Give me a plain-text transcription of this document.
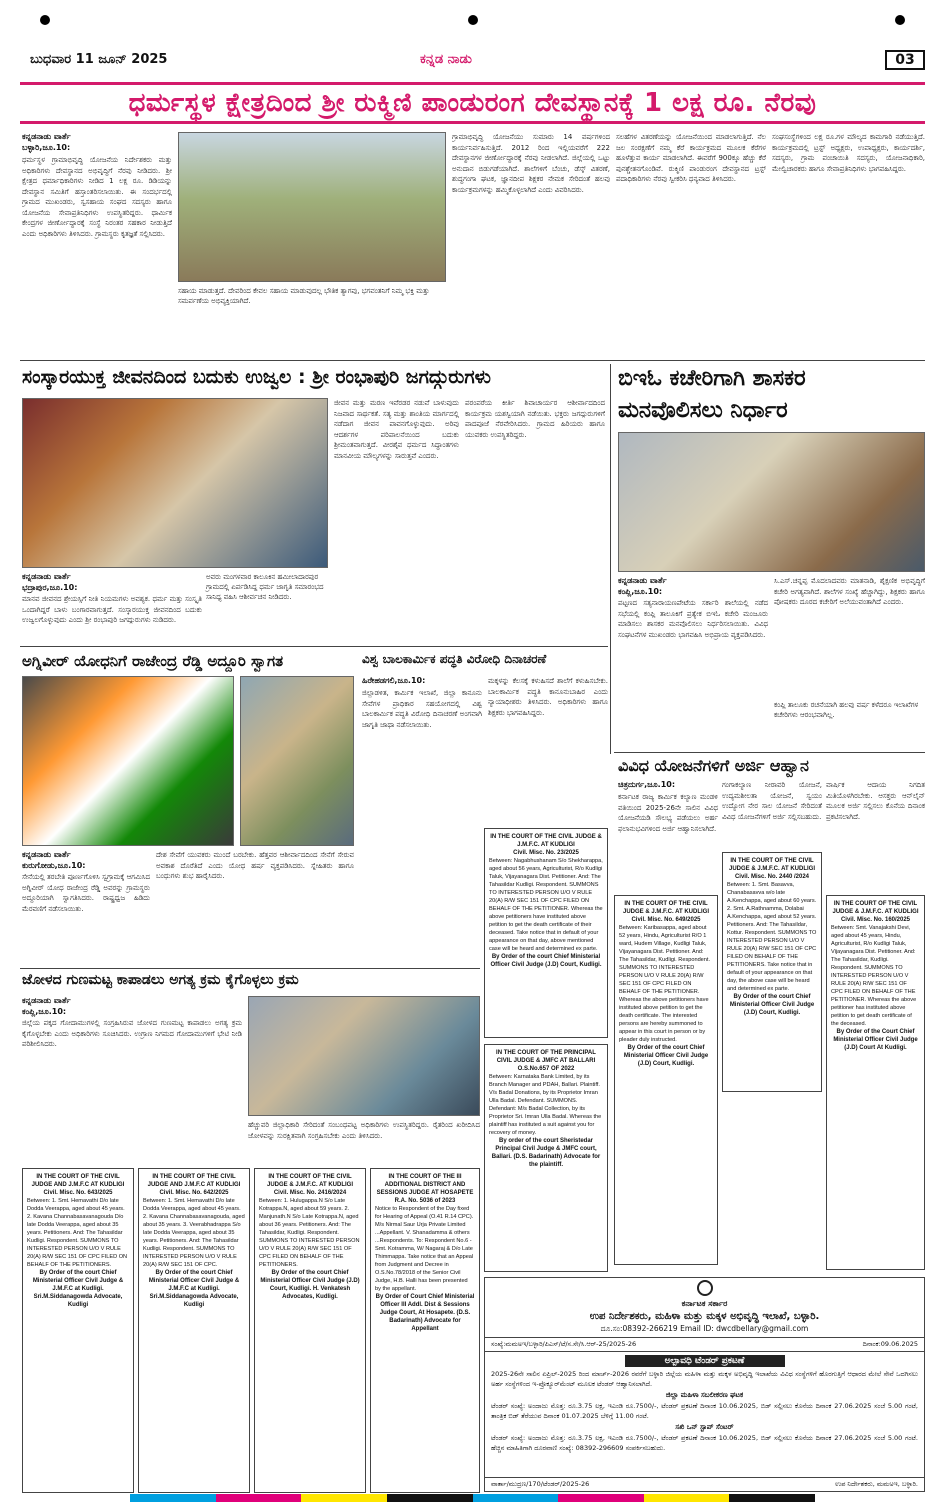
ಬುಧವಾರ 11 ಜೂನ್ 2025	ಕನ್ನಡ ನಾಡು	03
ಧರ್ಮಸ್ಥಳ ಕ್ಷೇತ್ರದಿಂದ ಶ್ರೀ ರುಕ್ಮಿಣಿ ಪಾಂಡುರಂಗ ದೇವಸ್ಥಾನಕ್ಕೆ 1 ಲಕ್ಷ ರೂ. ನೆರವು
ಕನ್ನಡನಾಡು ವಾರ್ತೆ
ಬಳ್ಳಾರಿ,ಜೂ.10:
ಧರ್ಮಸ್ಥಳ ಗ್ರಾಮಾಭಿವೃದ್ಧಿ ಯೋಜನೆಯ ನಿರ್ದೇಶಕರು ಮತ್ತು ಅಧಿಕಾರಿಗಳು ದೇವಸ್ಥಾನದ ಅಭಿವೃದ್ಧಿಗೆ ನೆರವು ನೀಡಿದರು. ಶ್ರೀ ಕ್ಷೇತ್ರದ ಧರ್ಮಾಧಿಕಾರಿಗಳು ನೀಡಿದ 1 ಲಕ್ಷ ರೂ. ಡಿಡಿಯನ್ನು ದೇವಸ್ಥಾನ ಸಮಿತಿಗೆ ಹಸ್ತಾಂತರಿಸಲಾಯಿತು. ಈ ಸಂದರ್ಭದಲ್ಲಿ ಗ್ರಾಮದ ಮುಖಂಡರು, ಸ್ವಸಹಾಯ ಸಂಘದ ಸದಸ್ಯರು ಹಾಗೂ ಯೋಜನೆಯ ಸೇವಾಪ್ರತಿನಿಧಿಗಳು ಉಪಸ್ಥಿತರಿದ್ದರು. ಧಾರ್ಮಿಕ ಕೇಂದ್ರಗಳ ಜೀರ್ಣೋದ್ಧಾರಕ್ಕೆ ಸಂಸ್ಥೆ ನಿರಂತರ ಸಹಕಾರ ನೀಡುತ್ತಿದೆ ಎಂದು ಅಧಿಕಾರಿಗಳು ತಿಳಿಸಿದರು. ಗ್ರಾಮಸ್ಥರು ಕೃತಜ್ಞತೆ ಸಲ್ಲಿಸಿದರು.
ಸಹಾಯ ಮಾಡುತ್ತದೆ. ದೇವರಿಂದ ಕೇವಲ ಸಹಾಯ ಮಾಡುವುದಲ್ಲ ಭೌತಿಕ ತ್ಯಾಗವು, ಭಗವಂತನಿಗೆ ನಿಮ್ಮ ಭಕ್ತಿ ಮತ್ತು ಸಮರ್ಪಣೆಯ ಅಭಿವ್ಯಕ್ತಿಯಾಗಿದೆ.
ಗ್ರಾಮಾಭಿವೃದ್ಧಿ ಯೋಜನೆಯು ಸುಮಾರು 14 ವರ್ಷಗಳಿಂದ ಕಾರ್ಯನಿರ್ವಹಿಸುತ್ತಿದೆ. 2012 ರಿಂದ ಇಲ್ಲಿಯವರೆಗೆ 222 ದೇವಸ್ಥಾನಗಳ ಜೀರ್ಣೋದ್ಧಾರಕ್ಕೆ ನೆರವು ನೀಡಲಾಗಿದೆ. ಜಿಲ್ಲೆಯಲ್ಲಿ ಒಟ್ಟು ಅನುದಾನ ಬಿಡುಗಡೆಯಾಗಿದೆ. ಶಾಲೆಗಳಿಗೆ ಬೆಂಚು, ಡೆಸ್ಕ್ ವಿತರಣೆ, ಶುದ್ಧಗಂಗಾ ಘಟಕ, ಜ್ಞಾನದೀಪ ಶಿಕ್ಷಕರ ನೇಮಕ ಸೇರಿದಂತೆ ಹಲವು ಕಾರ್ಯಕ್ರಮಗಳನ್ನು ಹಮ್ಮಿಕೊಳ್ಳಲಾಗಿದೆ ಎಂದು ವಿವರಿಸಿದರು.
ಸಲಹೆಗಳ ವಿತರಣೆಯನ್ನು ಯೋಜನೆಯಿಂದ ಮಾಡಲಾಗುತ್ತಿದೆ. ನೆಲ ಜಲ ಸಂರಕ್ಷಣೆಗೆ ನಮ್ಮ ಕೆರೆ ಕಾರ್ಯಕ್ರಮದ ಮೂಲಕ ಕೆರೆಗಳ ಹೂಳೆತ್ತುವ ಕಾರ್ಯ ಮಾಡಲಾಗಿದೆ. ಈವರೆಗೆ 900ಕ್ಕೂ ಹೆಚ್ಚು ಕೆರೆ ಪುನಶ್ಚೇತನಗೊಂಡಿವೆ. ರುಕ್ಮಿಣಿ ಪಾಂಡುರಂಗ ದೇವಸ್ಥಾನದ ಟ್ರಸ್ಟ್ ಪದಾಧಿಕಾರಿಗಳು ನೆರವು ಸ್ವೀಕರಿಸಿ ಧನ್ಯವಾದ ತಿಳಿಸಿದರು.
ಸಂಘಸಂಸ್ಥೆಗಳಿಂದ ಲಕ್ಷ ರೂ.ಗಳ ಮೌಲ್ಯದ ಕಾಮಗಾರಿ ನಡೆಯುತ್ತಿದೆ. ಕಾರ್ಯಕ್ರಮದಲ್ಲಿ ಟ್ರಸ್ಟ್ ಅಧ್ಯಕ್ಷರು, ಉಪಾಧ್ಯಕ್ಷರು, ಕಾರ್ಯದರ್ಶಿ, ಸದಸ್ಯರು, ಗ್ರಾಮ ಪಂಚಾಯಿತಿ ಸದಸ್ಯರು, ಯೋಜನಾಧಿಕಾರಿ, ಮೇಲ್ವಿಚಾರಕರು ಹಾಗೂ ಸೇವಾಪ್ರತಿನಿಧಿಗಳು ಭಾಗವಹಿಸಿದ್ದರು.
ಸಂಸ್ಕಾರಯುಕ್ತ ಜೀವನದಿಂದ ಬದುಕು ಉಜ್ವಲ : ಶ್ರೀ ರಂಭಾಪುರಿ ಜಗದ್ಗುರುಗಳು
ಜೀವನ ಮತ್ತು ಮರಣ ಇವೆರಡರ ನಡುವೆ ಬಾಳುವುದು ನಿಜವಾದ ಸಾರ್ಥಕತೆ. ಸತ್ಯ ಮತ್ತು ಶಾಂತಿಯ ಮಾರ್ಗದಲ್ಲಿ ನಡೆದಾಗ ಜೀವನ ಪಾವನಗೊಳ್ಳುವುದು. ಅರಿವು ಆದರ್ಶಗಳ ಪರಿಪಾಲನೆಯಿಂದ ಬದುಕು ಶ್ರೀಮಂತವಾಗುತ್ತದೆ. ವೀರಶೈವ ಧರ್ಮದ ಸಿದ್ಧಾಂತಗಳು ಮಾನವೀಯ ಮೌಲ್ಯಗಳನ್ನು ಸಾರುತ್ತವೆ ಎಂದರು.
ಪರಂಪರೆಯ ಕೀರ್ತಿ ಶಿವಾಚಾರ್ಯರ ಆಶೀರ್ವಾದದಿಂದ ಕಾರ್ಯಕ್ರಮ ಯಶಸ್ವಿಯಾಗಿ ನಡೆಯಿತು. ಭಕ್ತರು ಜಗದ್ಗುರುಗಳಿಗೆ ಪಾದಪೂಜೆ ನೆರವೇರಿಸಿದರು. ಗ್ರಾಮದ ಹಿರಿಯರು ಹಾಗೂ ಯುವಕರು ಉಪಸ್ಥಿತರಿದ್ದರು.
ಕನ್ನಡನಾಡು ವಾರ್ತೆ
ಭದ್ರಾಪುರ,ಜೂ.10:
ಮಾನವ ಜೀವನದ ಶ್ರೇಯಸ್ಸಿಗೆ ನೀತಿ ನಿಯಮಗಳು ಅವಶ್ಯಕ. ಧರ್ಮ ಮತ್ತು ಸಂಸ್ಕೃತಿ ಒಂದಾಗಿದ್ದರೆ ಬಾಳು ಬಂಗಾರವಾಗುತ್ತದೆ. ಸಂಸ್ಕಾರಯುಕ್ತ ಜೀವನದಿಂದ ಬದುಕು ಉಜ್ವಲಗೊಳ್ಳುವುದು ಎಂದು ಶ್ರೀ ರಂಭಾಪುರಿ ಜಗದ್ಗುರುಗಳು ನುಡಿದರು.
ಅವರು ಮಂಗಳವಾರ ಕಾಲೂಕಿನ ಹಮೀಲಾದಾರಪುರ ಗ್ರಾಮದಲ್ಲಿ ಏರ್ಪಡಿಸಿದ್ದ ಧರ್ಮ ಜಾಗೃತಿ ಸಮಾರಂಭದ ಸಾನಿಧ್ಯ ವಹಿಸಿ ಆಶೀರ್ವಚನ ನೀಡಿದರು.
ಬಿಇಓ ಕಚೇರಿಗಾಗಿ ಶಾಸಕರ
ಮನವೊಲಿಸಲು ನಿರ್ಧಾರ
ಕನ್ನಡನಾಡು ವಾರ್ತೆ
ಕಂಪ್ಲಿ,ಜೂ.10:
ಪಟ್ಟಣದ ಸತ್ಯನಾರಾಯಣಪೇಟೆಯ ಸರ್ಕಾರಿ ಶಾಲೆಯಲ್ಲಿ ನಡೆದ ಸಭೆಯಲ್ಲಿ ಕಂಪ್ಲಿ ತಾಲೂಕಿಗೆ ಪ್ರತ್ಯೇಕ ಬಿಇಓ ಕಚೇರಿ ಮಂಜೂರು ಮಾಡಿಸಲು ಶಾಸಕರ ಮನವೊಲಿಸಲು ನಿರ್ಧರಿಸಲಾಯಿತು. ವಿವಿಧ ಸಂಘಟನೆಗಳ ಮುಖಂಡರು ಭಾಗವಹಿಸಿ ಅಭಿಪ್ರಾಯ ವ್ಯಕ್ತಪಡಿಸಿದರು.
ಸಿ.ಎಸ್.ಚನ್ನಪ್ಪ ಮೊದಲಾದವರು ಮಾತನಾಡಿ, ಶೈಕ್ಷಣಿಕ ಅಭಿವೃದ್ಧಿಗೆ ಕಚೇರಿ ಅಗತ್ಯವಾಗಿದೆ. ಶಾಲೆಗಳ ಸಂಖ್ಯೆ ಹೆಚ್ಚಾಗಿದ್ದು, ಶಿಕ್ಷಕರು ಹಾಗೂ ಪೋಷಕರು ದೂರದ ಕಚೇರಿಗೆ ಅಲೆಯುವಂತಾಗಿದೆ ಎಂದರು.
ಕಂಪ್ಲಿ ತಾಲೂಕು ರಚನೆಯಾಗಿ ಹಲವು ವರ್ಷ ಕಳೆದರೂ ಇಲಾಖೆಗಳ ಕಚೇರಿಗಳು ಆರಂಭವಾಗಿಲ್ಲ.
ಅಗ್ನಿವೀರ್ ಯೋಧನಿಗೆ ರಾಜೇಂದ್ರ ರೆಡ್ಡಿ ಅದ್ದೂರಿ ಸ್ವಾಗತ
ಕನ್ನಡನಾಡು ವಾರ್ತೆ
ಕುರುಗೋಡು,ಜೂ.10:
ಸೇನೆಯಲ್ಲಿ ತರಬೇತಿ ಪೂರ್ಣಗೊಳಿಸಿ ಸ್ವಗ್ರಾಮಕ್ಕೆ ಆಗಮಿಸಿದ ಅಗ್ನಿವೀರ್ ಯೋಧ ರಾಜೇಂದ್ರ ರೆಡ್ಡಿ ಅವರನ್ನು ಗ್ರಾಮಸ್ಥರು ಅದ್ದೂರಿಯಾಗಿ ಸ್ವಾಗತಿಸಿದರು. ರಾಷ್ಟ್ರಧ್ವಜ ಹಿಡಿದು ಮೆರವಣಿಗೆ ನಡೆಸಲಾಯಿತು.
ದೇಶ ಸೇವೆಗೆ ಯುವಕರು ಮುಂದೆ ಬರಬೇಕು. ಹೆತ್ತವರ ಆಶೀರ್ವಾದದಿಂದ ಸೇನೆಗೆ ಸೇರುವ ಅವಕಾಶ ದೊರೆತಿದೆ ಎಂದು ಯೋಧ ಹರ್ಷ ವ್ಯಕ್ತಪಡಿಸಿದರು. ಸ್ನೇಹಿತರು ಹಾಗೂ ಬಂಧುಗಳು ಶುಭ ಹಾರೈಸಿದರು.
ವಿಶ್ವ ಬಾಲಕಾರ್ಮಿಕ ಪದ್ಧತಿ ವಿರೋಧಿ ದಿನಾಚರಣೆ
ಹಿರೇಹಡಗಲಿ,ಜೂ.10:
ಜಿಲ್ಲಾಡಳಿತ, ಕಾರ್ಮಿಕ ಇಲಾಖೆ, ಜಿಲ್ಲಾ ಕಾನೂನು ಸೇವೆಗಳ ಪ್ರಾಧಿಕಾರ ಸಹಯೋಗದಲ್ಲಿ ವಿಶ್ವ ಬಾಲಕಾರ್ಮಿಕ ಪದ್ಧತಿ ವಿರೋಧಿ ದಿನಾಚರಣೆ ಅಂಗವಾಗಿ ಜಾಗೃತಿ ಜಾಥಾ ನಡೆಸಲಾಯಿತು.
ಮಕ್ಕಳನ್ನು ಕೆಲಸಕ್ಕೆ ಕಳುಹಿಸದೆ ಶಾಲೆಗೆ ಕಳುಹಿಸಬೇಕು. ಬಾಲಕಾರ್ಮಿಕ ಪದ್ಧತಿ ಕಾನೂನುಬಾಹಿರ ಎಂದು ನ್ಯಾಯಾಧೀಶರು ತಿಳಿಸಿದರು. ಅಧಿಕಾರಿಗಳು ಹಾಗೂ ಶಿಕ್ಷಕರು ಭಾಗವಹಿಸಿದ್ದರು.
ವಿವಿಧ ಯೋಜನೆಗಳಿಗೆ ಅರ್ಜಿ ಆಹ್ವಾನ
ಚಿತ್ರದುರ್ಗ,ಜೂ.10:
ಕರ್ನಾಟಕ ರಾಜ್ಯ ಕಾರ್ಮಿಕ ಕಲ್ಯಾಣ ಮಂಡಳಿ ವತಿಯಿಂದ 2025-26ನೇ ಸಾಲಿನ ವಿವಿಧ ಯೋಜನೆಯಡಿ ಸೌಲಭ್ಯ ಪಡೆಯಲು ಅರ್ಹ ಫಲಾನುಭವಿಗಳಿಂದ ಅರ್ಜಿ ಆಹ್ವಾನಿಸಲಾಗಿದೆ.
ಗಂಗಾಕಲ್ಯಾಣ ನೀರಾವರಿ ಯೋಜನೆ, ಉದ್ಯಮಶೀಲತಾ ಯೋಜನೆ, ಸ್ವಯಂ ಉದ್ಯೋಗ ನೇರ ಸಾಲ ಯೋಜನೆ ಸೇರಿದಂತೆ ವಿವಿಧ ಯೋಜನೆಗಳಿಗೆ ಅರ್ಜಿ ಸಲ್ಲಿಸಬಹುದು.
ವಾರ್ಷಿಕ ಆದಾಯ ನಿಗದಿತ ಮಿತಿಯೊಳಗಿರಬೇಕು. ಆಸಕ್ತರು ಆನ್‌ಲೈನ್ ಮೂಲಕ ಅರ್ಜಿ ಸಲ್ಲಿಸಲು ಕೊನೆಯ ದಿನಾಂಕ ಪ್ರಕಟಿಸಲಾಗಿದೆ.
IN THE COURT OF THE CIVIL JUDGE & J.M.F.C. AT KUDLIGI
Civil. Misc. No. 23/2025
Between: Nagabhushanam S/o Shekharappa, aged about 56 years, Agriculturist, R/o Kudligi Taluk, Vijayanagara Dist. Petitioner. And: The Tahasildar Kudligi. Respondent. SUMMONS TO INTERESTED PERSON U/O V RULE 20(A) R/W SEC 151 OF CPC FILED ON BEHALF OF THE PETITIONER. Whereas the above petitioners have instituted above petition to get the death certificate of their deceased. Take notice that in default of your appearance on that day, above mentioned case will be heard and determined ex parte.
By Order of the court Chief Ministerial Officer Civil Judge (J.D) Court, Kudligi.
IN THE COURT OF THE CIVIL JUDGE & J.M.F.C. AT KUDLIGI
Civil. Misc. No. 649/2025
Between: Karibasappa, aged about 52 years, Hindu, Agriculturist R/O 1 ward, Hudem Village, Kudligi Taluk, Vijayanagara Dist. Petitioner. And: The Tahasildar, Kudligi. Respondent. SUMMONS TO INTERESTED PERSON U/O V RULE 20(A) R/W SEC 151 OF CPC FILED ON BEHALF OF THE PETITIONER. Whereas the above petitioners have instituted above petition to get the death certificate. The interested persons are hereby summoned to appear in this court in person or by pleader duly instructed.
By Order of the court Chief Ministerial Officer Civil Judge (J.D) Court, Kudligi.
IN THE COURT OF THE CIVIL JUDGE & J.M.F.C. AT KUDLIGI
Civil. Misc. No. 2440 /2024
Between: 1. Smt. Basavva, Chanabasavva w/o late A.Kenchappa, aged about 60 years. 2. Smt. A.Rathnamma, Dolabai A.Kenchappa, aged about 52 years. Petitioners. And: The Tahasildar, Kottur. Respondent. SUMMONS TO INTERESTED PERSON U/O V RULE 20(A) R/W SEC 151 OF CPC FILED ON BEHALF OF THE PETITIONERS. Take notice that in default of your appearance on that day, the above case will be heard and determined ex parte.
By Order of the court Chief Ministerial Officer Civil Judge (J.D) Court, Kudligi.
IN THE COURT OF THE CIVIL JUDGE & J.M.F.C. AT KUDLIGI
Civil. Misc. No. 160/2025
Between: Smt. Vanajakshi Devi, aged about 45 years, Hindu, Agriculturist, R/o Kudligi Taluk, Vijayanagara Dist. Petitioner. And: The Tahasildar, Kudligi. Respondent. SUMMONS TO INTERESTED PERSON U/O V RULE 20(A) R/W SEC 151 OF CPC FILED ON BEHALF OF THE PETITIONER. Whereas the above petitioner has instituted above petition to get death certificate of the deceased.
By Order of the Court Chief Ministerial Officer Civil Judge (J.D) Court At Kudligi.
ಜೋಳದ ಗುಣಮಟ್ಟ ಕಾಪಾಡಲು ಅಗತ್ಯ ಕ್ರಮ ಕೈಗೊಳ್ಳಲು ಕ್ರಮ
ಕನ್ನಡನಾಡು ವಾರ್ತೆ
ಕಂಪ್ಲಿ,ಜೂ.10:
ಜಿಲ್ಲೆಯ ಪಕ್ಕದ ಗೋದಾಮುಗಳಲ್ಲಿ ಸಂಗ್ರಹಿಸಿರುವ ಜೋಳದ ಗುಣಮಟ್ಟ ಕಾಪಾಡಲು ಅಗತ್ಯ ಕ್ರಮ ಕೈಗೊಳ್ಳಬೇಕು ಎಂದು ಅಧಿಕಾರಿಗಳು ಸೂಚಿಸಿದರು. ಉಗ್ರಾಣ ನಿಗಮದ ಗೋದಾಮುಗಳಿಗೆ ಭೇಟಿ ನೀಡಿ ಪರಿಶೀಲಿಸಿದರು.
ಹೆಚ್ಚುವರಿ ಜಿಲ್ಲಾಧಿಕಾರಿ ಸೇರಿದಂತೆ ಸಂಬಂಧಪಟ್ಟ ಅಧಿಕಾರಿಗಳು ಉಪಸ್ಥಿತರಿದ್ದರು. ರೈತರಿಂದ ಖರೀದಿಸಿದ ಜೋಳವನ್ನು ಸುರಕ್ಷಿತವಾಗಿ ಸಂಗ್ರಹಿಸಬೇಕು ಎಂದು ತಿಳಿಸಿದರು.
IN THE COURT OF THE CIVIL JUDGE AND J.M.F.C AT KUDLIGI
Civil. Misc. No. 643/2025
Between: 1. Smt. Hemavathi D/o late Dodda Veerappa, aged about 45 years. 2. Kavana Channabasavanagouda D/o late Dodda Veerappa, aged about 35 years. Petitioners. And: The Tahasildar Kudligi. Respondent. SUMMONS TO INTERESTED PERSON U/O V RULE 20(A) R/W SEC 151 OF CPC FILED ON BEHALF OF THE PETITIONERS.
By Order of the court Chief Ministerial Officer Civil Judge & J.M.F.C at Kudligi. Sri.M.Siddanagowda Advocate, Kudligi
IN THE COURT OF THE CIVIL JUDGE AND J.M.F.C AT KUDLIGI
Civil. Misc. No. 642/2025
Between: 1. Smt. Hemavathi D/o late Dodda Veerappa, aged about 45 years. 2. Kavana Channabasavanagouda, aged about 35 years. 3. Veerabhadrappa S/o late Dodda Veerappa, aged about 35 years. Petitioners. And: The Tahasildar Kudligi. Respondent. SUMMONS TO INTERESTED PERSON U/O V RULE 20(A) R/W SEC 151 OF CPC.
By Order of the court Chief Ministerial Officer Civil Judge & J.M.F.C at Kudligi. Sri.M.Siddanagowda Advocate, Kudligi
IN THE COURT OF THE CIVIL JUDGE & J.M.F.C. AT KUDLIGI
Civil. Misc. No. 2416/2024
Between: 1. Hulugappa.N S/o Late Kotrappa.N, aged about 59 years. 2. Manjunath.N S/o Late Kotrappa.N, aged about 36 years. Petitioners. And: The Tahasildar, Kudligi. Respondent. SUMMONS TO INTERESTED PERSON U/O V RULE 20(A) R/W SEC 151 OF CPC FILED ON BEHALF OF THE PETITIONERS.
By Order of the court Chief Ministerial Officer Civil Judge (J.D) Court, Kudligi. H. Venkatesh Advocates, Kudligi.
IN THE COURT OF THE III ADDITIONAL DISTRICT AND SESSIONS JUDGE AT HOSAPETE
R.A. No. 5036 of 2023
Notice to Respondent of the Day fixed for Hearing of Appeal (O.41 R.14 CPC). M/s Nirmal Saur Urja Private Limited ...Appellant. V. Shanadamma & others ...Respondents. To: Respondent No.6 - Smt. Kotramma, W/ Nagaraj & D/o Late Thimmappa. Take notice that an Appeal from Judgment and Decree in O.S.No.78/2018 of the Senior Civil Judge, H.B. Halli has been presented by the appellant.
By Order of Court Chief Ministerial Officer III Addl. Dist & Sessions Judge Court, At Hosapete. (D.S. Badarinath) Advocate for Appellant
IN THE COURT OF THE PRINCIPAL CIVIL JUDGE & JMFC AT BALLARI
O.S.No.657 OF 2022
Between: Karnataka Bank Limited, by its Branch Manager and PDAH, Ballari. Plaintiff. V/s Badal Donations, by its Proprietor Imran Ulla Badal. Defendant. SUMMONS. Defendant: M/s Badal Collection, by its Proprietor Sri. Imran Ulla Badal. Whereas the plaintiff has instituted a suit against you for recovery of money.
By order of the court Sheristedar Principal Civil Judge & JMFC court, Ballari. (D.S. Badarinath) Advocate for the plaintiff.
ಕರ್ನಾಟಕ ಸರ್ಕಾರ
ಉಪ ನಿರ್ದೇಶಕರು, ಮಹಿಳಾ ಮತ್ತು ಮಕ್ಕಳ ಅಭಿವೃದ್ಧಿ ಇಲಾಖೆ, ಬಳ್ಳಾರಿ.
ದೂ.ಸಂ:08392-266219 Email ID: dwcdbellary@gmail.com
ಸಂಖ್ಯೆ:ಮಮಅಇ/ಬಳ್ಳಾರಿ/ಪಿಎಸ್/ಟೆ/ಸ.ಸೇ/ಸಿ.ಆರ್-25/2025-26	ದಿನಾಂಕ:09.06.2025
ಅಲ್ಪಾವಧಿ ಟೆಂಡರ್ ಪ್ರಕಟಣೆ
2025-26ನೇ ಸಾಲಿನ ಏಪ್ರಿಲ್-2025 ರಿಂದ ಮಾರ್ಚ್-2026 ರವರೆಗೆ ಬಳ್ಳಾರಿ ಜಿಲ್ಲೆಯ ಮಹಿಳಾ ಮತ್ತು ಮಕ್ಕಳ ಅಭಿವೃದ್ಧಿ ಇಲಾಖೆಯ ವಿವಿಧ ಸಂಸ್ಥೆಗಳಿಗೆ ಹೊರಗುತ್ತಿಗೆ ಆಧಾರದ ಮೇಲೆ ಸೇವೆ ಒದಗಿಸಲು ಅರ್ಹ ಸಂಸ್ಥೆಗಳಿಂದ ಇ-ಪ್ರೊಕ್ಯೂರ್‌ಮೆಂಟ್ ಮೂಲಕ ಟೆಂಡರ್ ಆಹ್ವಾನಿಸಲಾಗಿದೆ.
ಜಿಲ್ಲಾ ಮಹಿಳಾ ಸಬಲೀಕರಣ ಘಟಕ
ಟೆಂಡರ್ ಸಂಖ್ಯೆ: ಅಂದಾಜು ಮೊತ್ತ: ರೂ.3.75 ಲಕ್ಷ, ಇಎಂಡಿ ರೂ.7500/-, ಟೆಂಡರ್ ಪ್ರಕಟಣೆ ದಿನಾಂಕ 10.06.2025, ಬಿಡ್ ಸಲ್ಲಿಸಲು ಕೊನೆಯ ದಿನಾಂಕ 27.06.2025 ಸಂಜೆ 5.00 ಗಂಟೆ, ತಾಂತ್ರಿಕ ಬಿಡ್ ತೆರೆಯುವ ದಿನಾಂಕ 01.07.2025 ಬೆಳಿಗ್ಗೆ 11.00 ಗಂಟೆ.
ಸಖಿ ಒನ್ ಸ್ಟಾಪ್ ಸೆಂಟರ್
ಟೆಂಡರ್ ಸಂಖ್ಯೆ: ಅಂದಾಜು ಮೊತ್ತ: ರೂ.3.75 ಲಕ್ಷ, ಇಎಂಡಿ ರೂ.7500/-, ಟೆಂಡರ್ ಪ್ರಕಟಣೆ ದಿನಾಂಕ 10.06.2025, ಬಿಡ್ ಸಲ್ಲಿಸಲು ಕೊನೆಯ ದಿನಾಂಕ 27.06.2025 ಸಂಜೆ 5.00 ಗಂಟೆ. ಹೆಚ್ಚಿನ ಮಾಹಿತಿಗಾಗಿ ದೂರವಾಣಿ ಸಂಖ್ಯೆ: 08392-296609 ಸಂಪರ್ಕಿಸಬಹುದು.
ವಾರ್ತಾ/ಮುದ್ರಣ/170/ಟೆಂಡರ್/2025-26	ಉಪ ನಿರ್ದೇಶಕರು, ಮಮಅಇ, ಬಳ್ಳಾರಿ.
